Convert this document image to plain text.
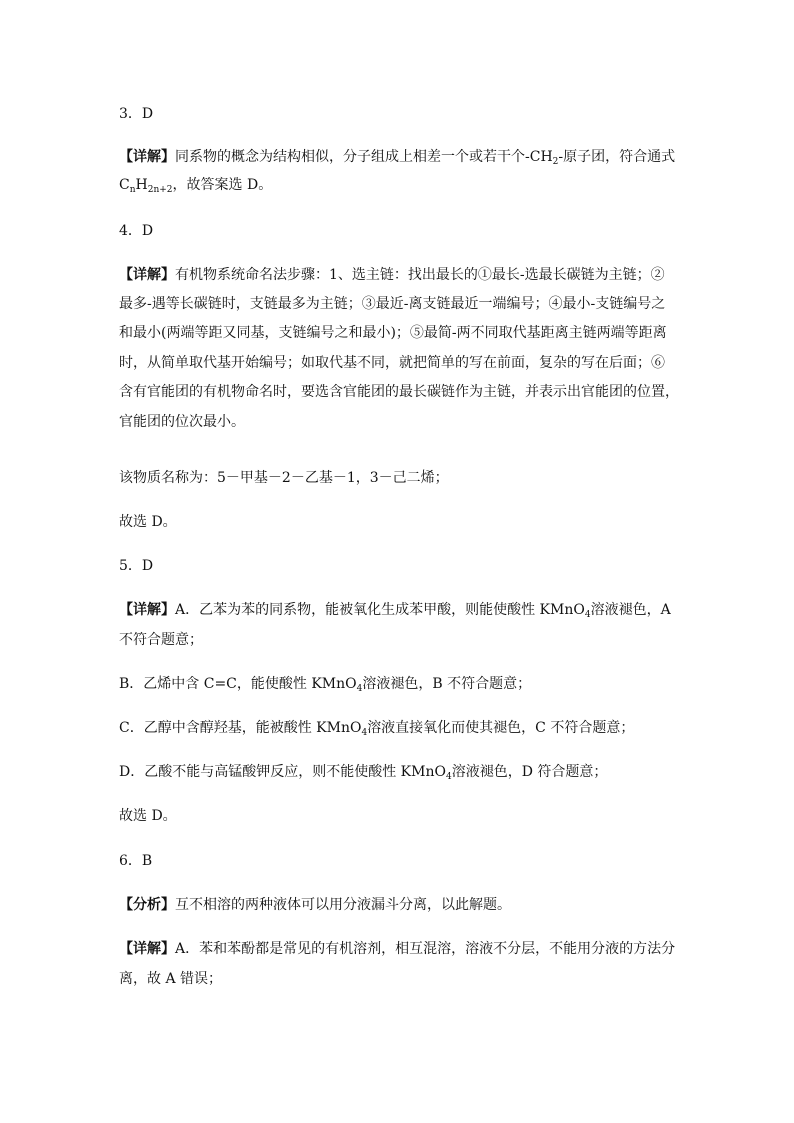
3．D
【详解】同系物的概念为结构相似，分子组成上相差一个或若干个$-CH_2-$原子团，符合通式
$C_nH_{2n+2}$，故答案选 D。
4．D
【详解】有机物系统命名法步骤：1、选主链：找出最长的①最长-选最长碳链为主链；②
最多-遇等长碳链时，支链最多为主链；③最近-离支链最近一端编号；④最小-支链编号之
和最小(两端等距又同基，支链编号之和最小)；⑤最简-两不同取代基距离主链两端等距离
时，从简单取代基开始编号；如取代基不同，就把简单的写在前面，复杂的写在后面；⑥
含有官能团的有机物命名时，要选含官能团的最长碳链作为主链，并表示出官能团的位置，
官能团的位次最小。
该物质名称为：5－甲基－2－乙基－1，3－己二烯；
故选 D。
5．D
【详解】A．乙苯为苯的同系物，能被氧化生成苯甲酸，则能使酸性 KMnO$_4$溶液褪色，A
不符合题意；
B．乙烯中含 C=C，能使酸性 KMnO$_4$溶液褪色，B 不符合题意；
C．乙醇中含醇羟基，能被酸性 KMnO$_4$溶液直接氧化而使其褪色，C 不符合题意；
D．乙酸不能与高锰酸钾反应，则不能使酸性 KMnO$_4$溶液褪色，D 符合题意；
故选 D。
6．B
【分析】互不相溶的两种液体可以用分液漏斗分离，以此解题。
【详解】A．苯和苯酚都是常见的有机溶剂，相互混溶，溶液不分层，不能用分液的方法分
离，故 A 错误；
